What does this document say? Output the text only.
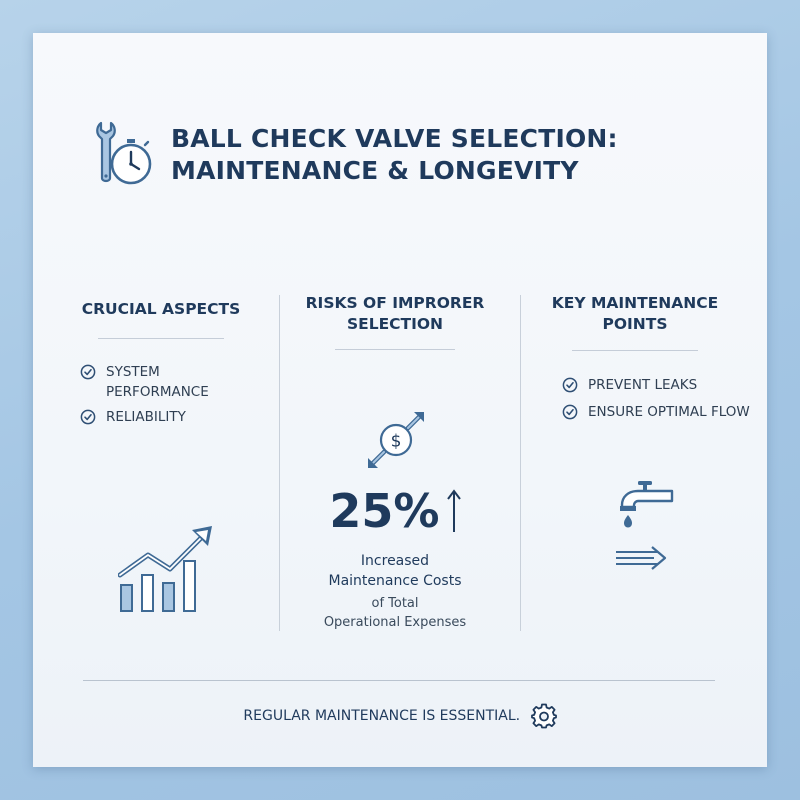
BALL CHECK VALVE SELECTION:
MAINTENANCE & LONGEVITY
CRUCIAL ASPECTS
SYSTEM PERFORMANCE
RELIABILITY
RISKS OF IMPRORER
SELECTION
$
25%
Increased
Maintenance Costs
of Total
Operational Expenses
KEY MAINTENANCE
POINTS
PREVENT LEAKS
ENSURE OPTIMAL FLOW
REGULAR MAINTENANCE IS ESSENTIAL.
